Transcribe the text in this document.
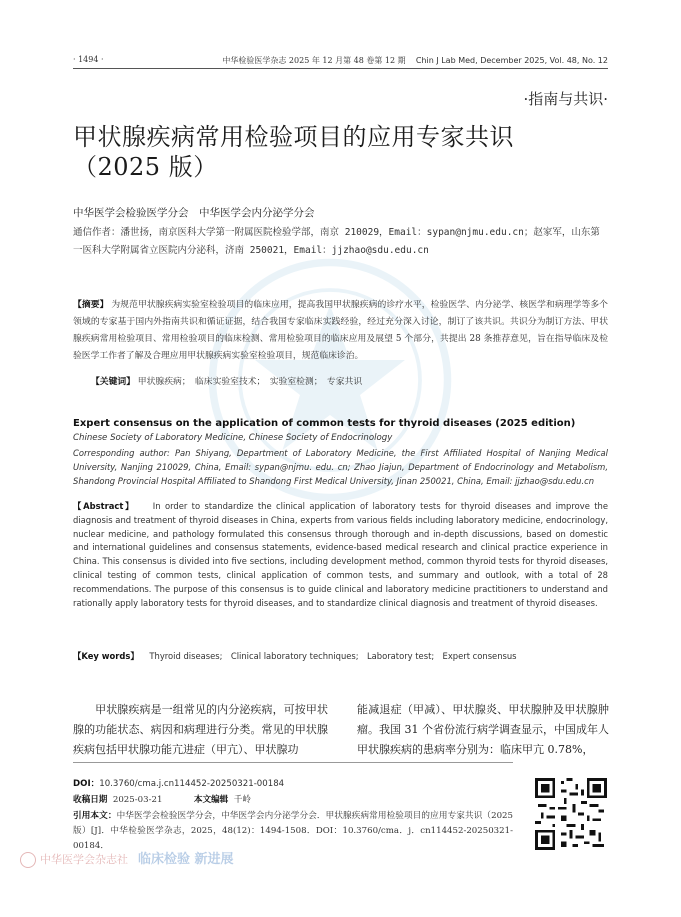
· 1494 ·	中华检验医学杂志 2025 年 12 月第 48 卷第 12 期 Chin J Lab Med, December 2025, Vol. 48, No. 12
·指南与共识·
甲状腺疾病常用检验项目的应用专家共识
（2025 版）
中华医学会检验医学分会　中华医学会内分泌学分会
通信作者：潘世扬，南京医科大学第一附属医院检验学部，南京 210029，Email：sypan@njmu.edu.cn；赵家军，山东第一医科大学附属省立医院内分泌科，济南 250021，Email：jjzhao@sdu.edu.cn
【摘要】 为规范甲状腺疾病实验室检验项目的临床应用，提高我国甲状腺疾病的诊疗水平，检验医学、内分泌学、核医学和病理学等多个领域的专家基于国内外指南共识和循证证据，结合我国专家临床实践经验，经过充分深入讨论，制订了该共识。共识分为制订方法、甲状腺疾病常用检验项目、常用检验项目的临床检测、常用检验项目的临床应用及展望 5 个部分，共提出 28 条推荐意见，旨在指导临床及检验医学工作者了解及合理应用甲状腺疾病实验室检验项目，规范临床诊治。
【关键词】 甲状腺疾病；　临床实验室技术；　实验室检测；　专家共识
Expert consensus on the application of common tests for thyroid diseases (2025 edition)
Chinese Society of Laboratory Medicine, Chinese Society of Endocrinology
Corresponding author: Pan Shiyang, Department of Laboratory Medicine, the First Affiliated Hospital of Nanjing Medical University, Nanjing 210029, China, Email: sypan@njmu. edu. cn; Zhao Jiajun, Department of Endocrinology and Metabolism, Shandong Provincial Hospital Affiliated to Shandong First Medical University, Jinan 250021, China, Email: jjzhao@sdu.edu.cn
【Abstract】 In order to standardize the clinical application of laboratory tests for thyroid diseases and improve the diagnosis and treatment of thyroid diseases in China, experts from various fields including laboratory medicine, endocrinology, nuclear medicine, and pathology formulated this consensus through thorough and in-depth discussions, based on domestic and international guidelines and consensus statements, evidence-based medical research and clinical practice experience in China. This consensus is divided into five sections, including development method, common thyroid tests for thyroid diseases, clinical testing of common tests, clinical application of common tests, and summary and outlook, with a total of 28 recommendations. The purpose of this consensus is to guide clinical and laboratory medicine practitioners to understand and rationally apply laboratory tests for thyroid diseases, and to standardize clinical diagnosis and treatment of thyroid diseases.
【Key words】 Thyroid diseases;　Clinical laboratory techniques;　Laboratory test;　Expert consensus
甲状腺疾病是一组常见的内分泌疾病，可按甲状腺的功能状态、病因和病理进行分类。常见的甲状腺疾病包括甲状腺功能亢进症（甲亢）、甲状腺功
能减退症（甲减）、甲状腺炎、甲状腺肿及甲状腺肿瘤。我国 31 个省份流行病学调查显示，中国成年人甲状腺疾病的患病率分别为：临床甲亢 0.78%，
DOI：10.3760/cma.j.cn114452-20250321-00184
收稿日期 2025-03-21	本文编辑 千岭
引用本文：中华医学会检验医学分会，中华医学会内分泌学分会．甲状腺疾病常用检验项目的应用专家共识（2025 版）[J]．中华检验医学杂志，2025，48(12)：1494-1508．DOI：10.3760/cma．j．cn114452-20250321-00184．
中华医学会杂志社 临床检验 新进展
